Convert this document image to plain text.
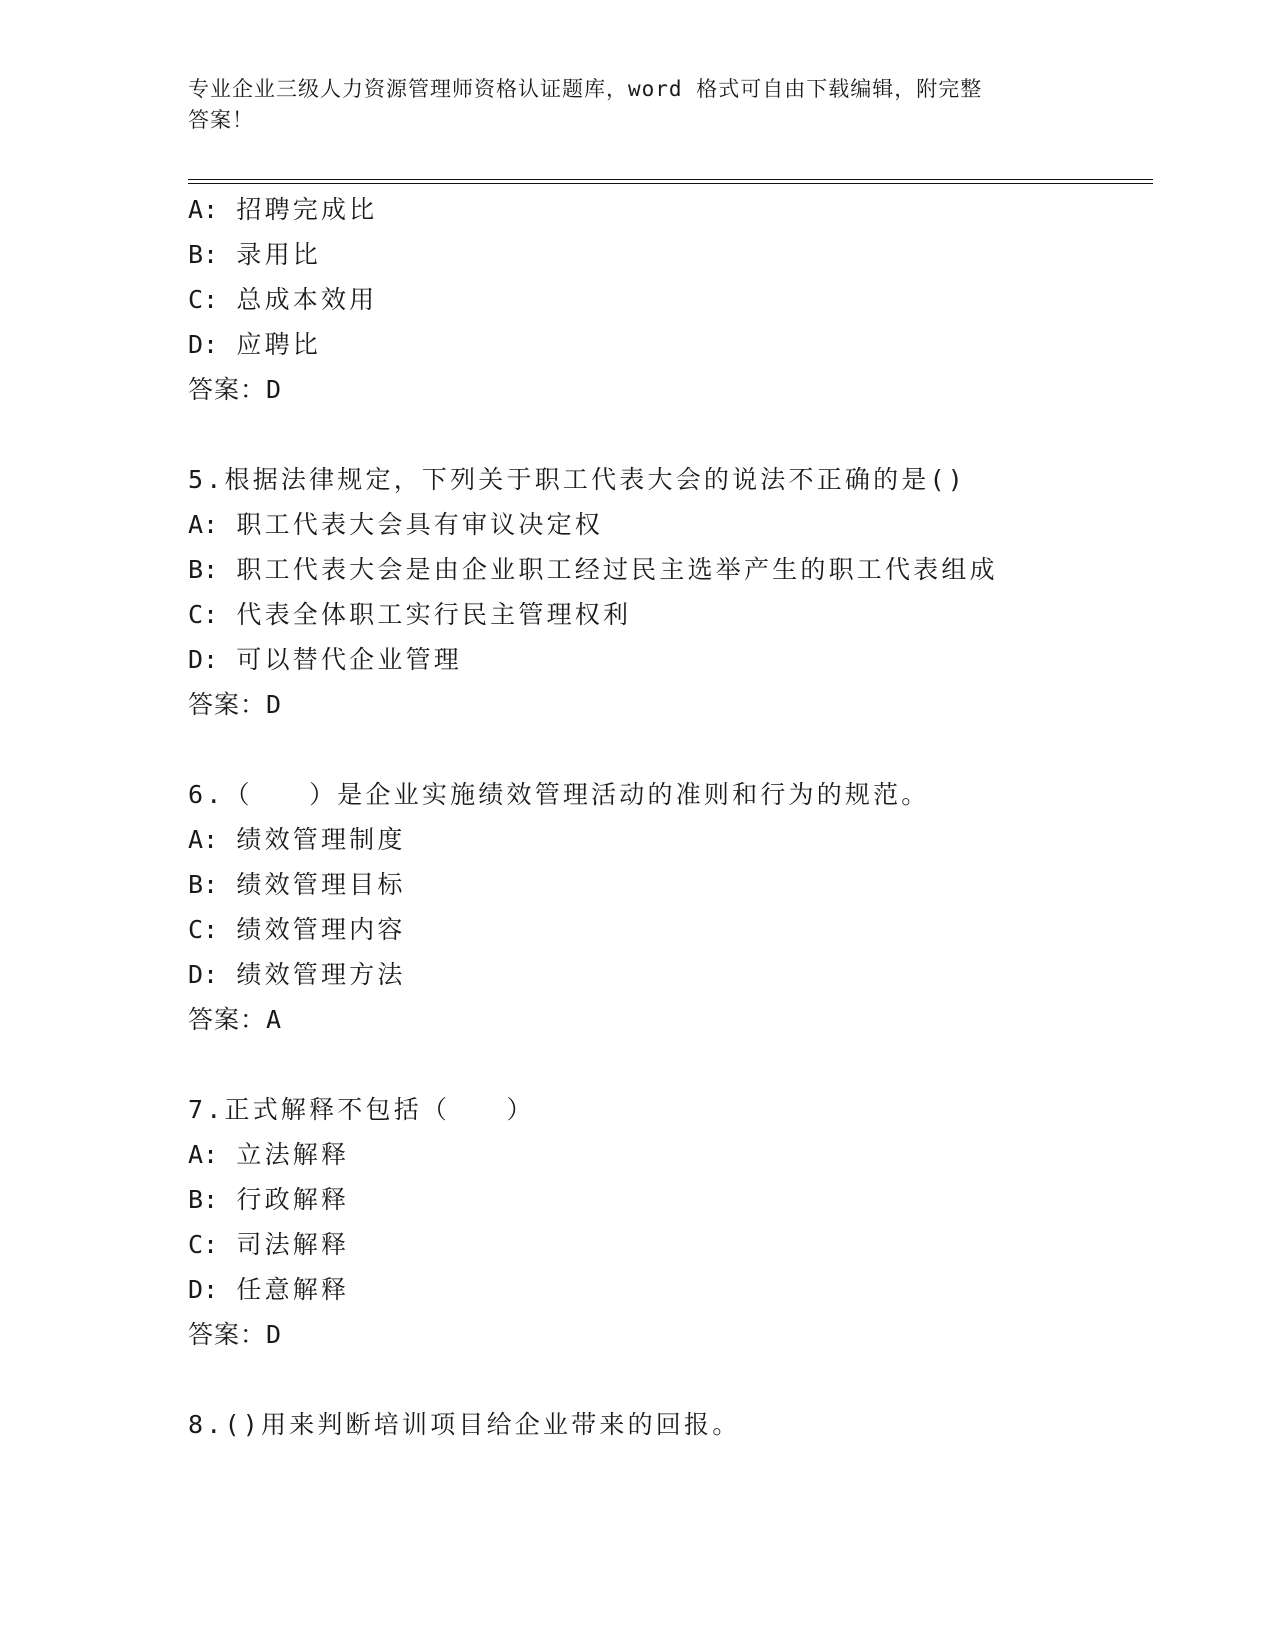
专业企业三级人力资源管理师资格认证题库，word 格式可自由下载编辑，附完整
答案！
A: 招聘完成比
B: 录用比
C: 总成本效用
D: 应聘比
答案：D
5.根据法律规定，下列关于职工代表大会的说法不正确的是()
A: 职工代表大会具有审议决定权
B: 职工代表大会是由企业职工经过民主选举产生的职工代表组成
C: 代表全体职工实行民主管理权利
D: 可以替代企业管理
答案：D
6.（　　）是企业实施绩效管理活动的准则和行为的规范。
A: 绩效管理制度
B: 绩效管理目标
C: 绩效管理内容
D: 绩效管理方法
答案：A
7.正式解释不包括（　　）
A: 立法解释
B: 行政解释
C: 司法解释
D: 任意解释
答案：D
8.()用来判断培训项目给企业带来的回报。
